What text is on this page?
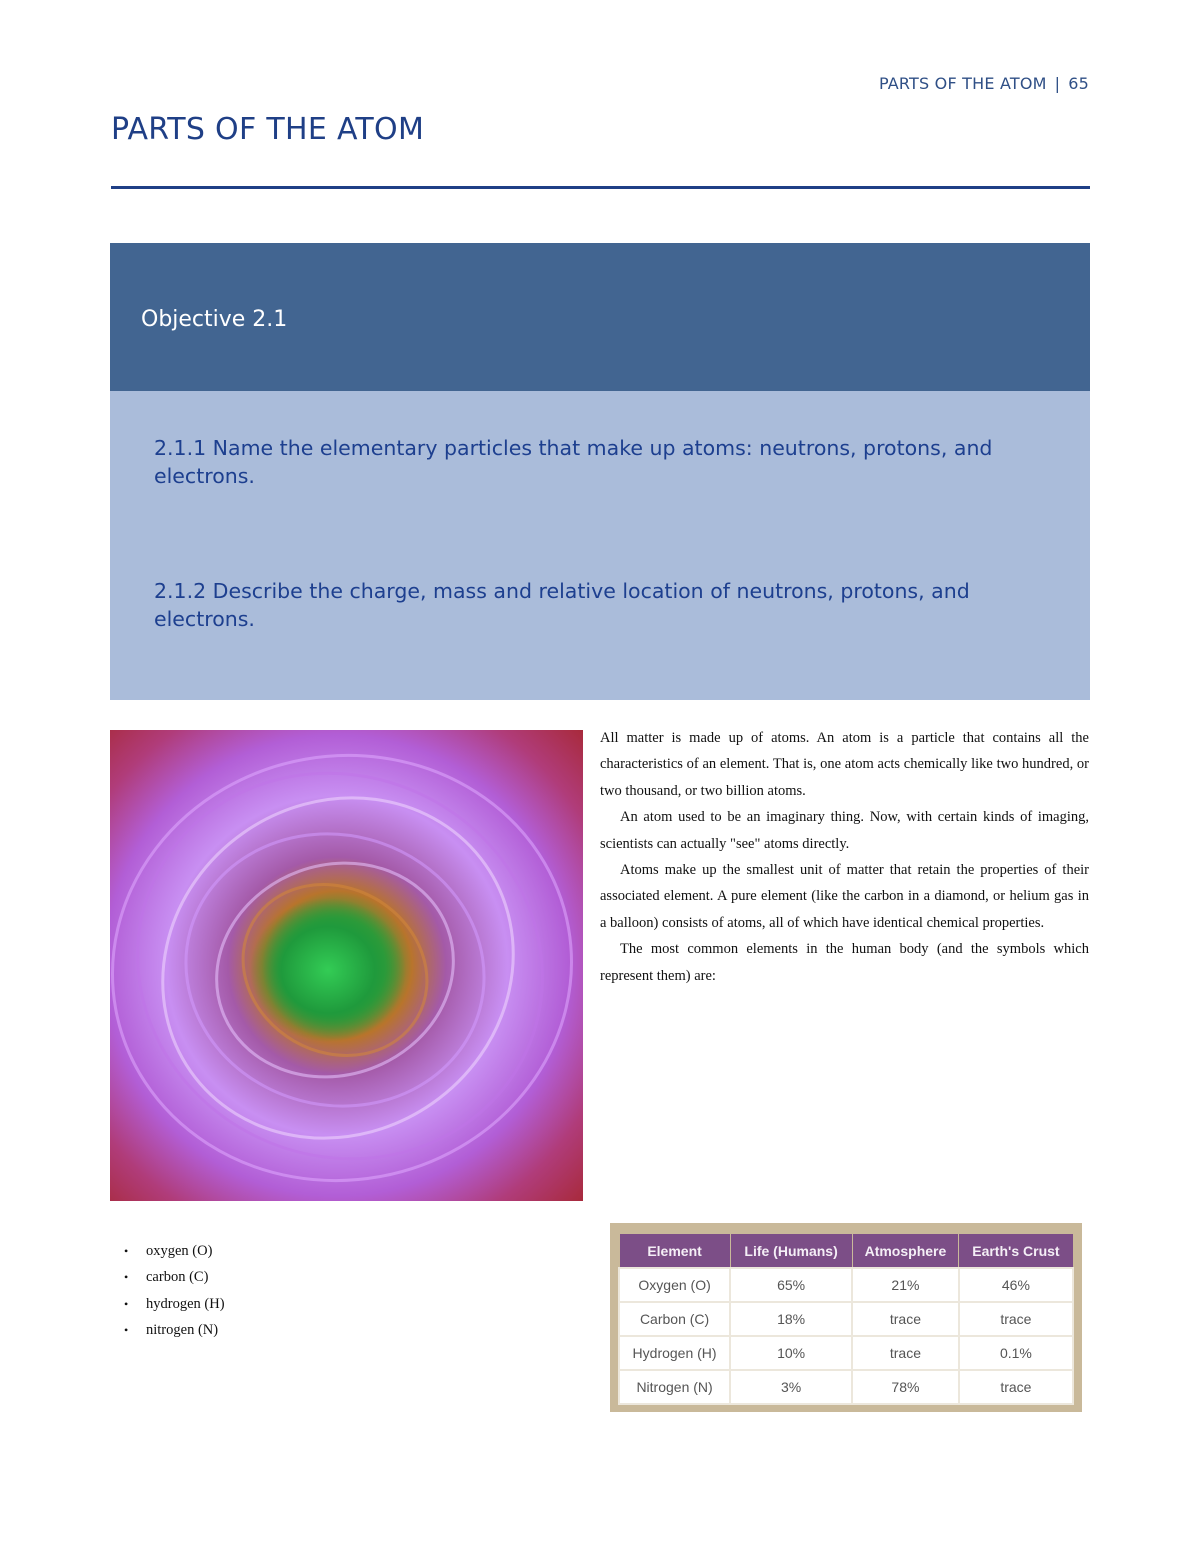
PARTS OF THE ATOM | 65
PARTS OF THE ATOM
Objective 2.1
2.1.1 Name the elementary particles that make up atoms: neutrons, protons, and electrons.
2.1.2 Describe the charge, mass and relative location of neutrons, protons, and electrons.

All matter is made up of atoms. An atom is a particle that contains all the characteristics of an element. That is, one atom acts chemically like two hundred, or two thousand, or two billion atoms.

An atom used to be an imaginary thing. Now, with certain kinds of imaging, scientists can actually "see" atoms directly.

Atoms make up the smallest unit of matter that retain the properties of their associated element. A pure element (like the carbon in a diamond, or helium gas in a balloon) consists of atoms, all of which have identical chemical properties.

The most common elements in the human body (and the symbols which represent them) are:

• oxygen (O)
• carbon (C)
• hydrogen (H)
• nitrogen (N)
Element	Life (Humans)	Atmosphere	Earth's Crust
Oxygen (O)	65%	21%	46%
Carbon (C)	18%	trace	trace
Hydrogen (H)	10%	trace	0.1%
Nitrogen (N)	3%	78%	trace
